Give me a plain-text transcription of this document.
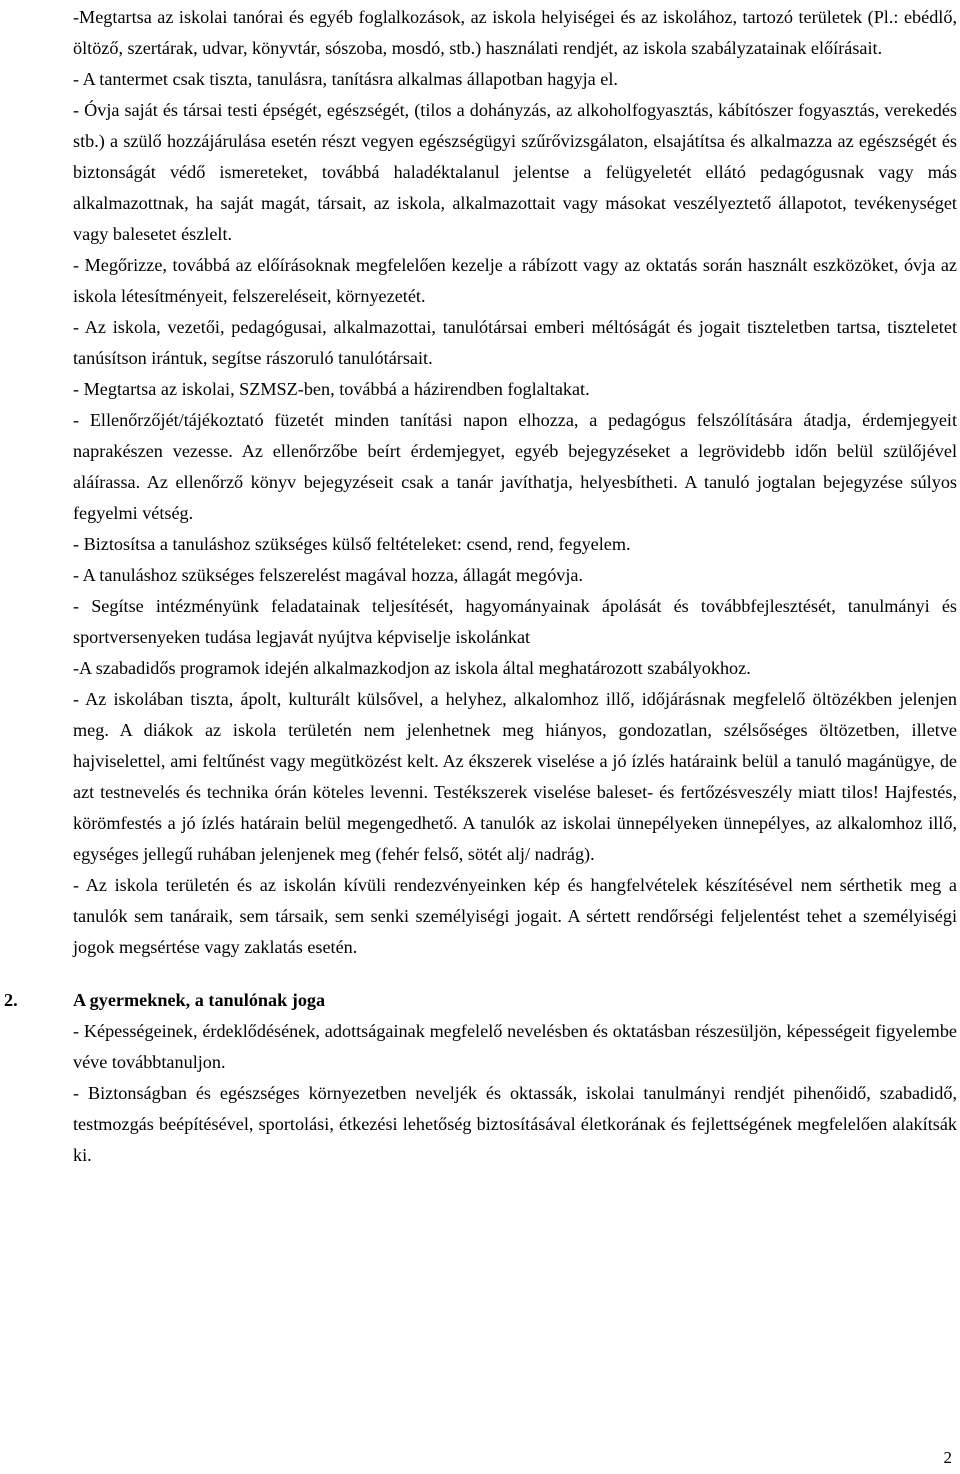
-Megtartsa az iskolai tanórai és egyéb foglalkozások, az iskola helyiségei és az iskolához, tartozó területek (Pl.: ebédlő, öltöző, szertárak, udvar, könyvtár, sószoba, mosdó, stb.) használati rendjét, az iskola szabályzatainak előírásait.

- A tantermet csak tiszta, tanulásra, tanításra alkalmas állapotban hagyja el.

- Óvja saját és társai testi épségét, egészségét, (tilos a dohányzás, az alkoholfogyasztás, kábítószer fogyasztás, verekedés stb.) a szülő hozzájárulása esetén részt vegyen egészségügyi szűrővizsgálaton, elsajátítsa és alkalmazza az egészségét és biztonságát védő ismereteket, továbbá haladéktalanul jelentse a felügyeletét ellátó pedagógusnak vagy más alkalmazottnak, ha saját magát, társait, az iskola, alkalmazottait vagy másokat veszélyeztető állapotot, tevékenységet vagy balesetet észlelt.

- Megőrizze, továbbá az előírásoknak megfelelően kezelje a rábízott vagy az oktatás során használt eszközöket, óvja az iskola létesítményeit, felszereléseit, környezetét.

- Az iskola, vezetői, pedagógusai, alkalmazottai, tanulótársai emberi méltóságát és jogait tiszteletben tartsa, tiszteletet tanúsítson irántuk, segítse rászoruló tanulótársait.

- Megtartsa az iskolai, SZMSZ-ben, továbbá a házirendben foglaltakat.

- Ellenőrzőjét/tájékoztató füzetét minden tanítási napon elhozza, a pedagógus felszólítására átadja, érdemjegyeit naprakészen vezesse. Az ellenőrzőbe beírt érdemjegyet, egyéb bejegyzéseket a legrövidebb időn belül szülőjével aláírassa. Az ellenőrző könyv bejegyzéseit csak a tanár javíthatja, helyesbítheti. A tanuló jogtalan bejegyzése súlyos fegyelmi vétség.

- Biztosítsa a tanuláshoz szükséges külső feltételeket: csend, rend, fegyelem.

- A tanuláshoz szükséges felszerelést magával hozza, állagát megóvja.

- Segítse intézményünk feladatainak teljesítését, hagyományainak ápolását és továbbfejlesztését, tanulmányi és sportversenyeken tudása legjavát nyújtva képviselje iskolánkat

-A szabadidős programok idején alkalmazkodjon az iskola által meghatározott szabályokhoz.

- Az iskolában tiszta, ápolt, kulturált külsővel, a helyhez, alkalomhoz illő, időjárásnak megfelelő öltözékben jelenjen meg. A diákok az iskola területén nem jelenhetnek meg hiányos, gondozatlan, szélsőséges öltözetben, illetve hajviselettel, ami feltűnést vagy megütközést kelt. Az ékszerek viselése a jó ízlés határaink belül a tanuló magánügye, de azt testnevelés és technika órán köteles levenni. Testékszerek viselése baleset- és fertőzésveszély miatt tilos! Hajfestés, körömfestés a jó ízlés határain belül megengedhető. A tanulók az iskolai ünnepélyeken ünnepélyes, az alkalomhoz illő, egységes jellegű ruhában jelenjenek meg (fehér felső, sötét alj/ nadrág).

- Az iskola területén és az iskolán kívüli rendezvényeinken kép és hangfelvételek készítésével nem sérthetik meg a tanulók sem tanáraik, sem társaik, sem senki személyiségi jogait. A sértett rendőrségi feljelentést tehet a személyiségi jogok megsértése vagy zaklatás esetén.

2.	A gyermeknek, a tanulónak joga

- Képességeinek, érdeklődésének, adottságainak megfelelő nevelésben és oktatásban részesüljön, képességeit figyelembe véve továbbtanuljon.

- Biztonságban és egészséges környezetben neveljék és oktassák, iskolai tanulmányi rendjét pihenőidő, szabadidő, testmozgás beépítésével, sportolási, étkezési lehetőség biztosításával életkorának és fejlettségének megfelelően alakítsák ki.

2
